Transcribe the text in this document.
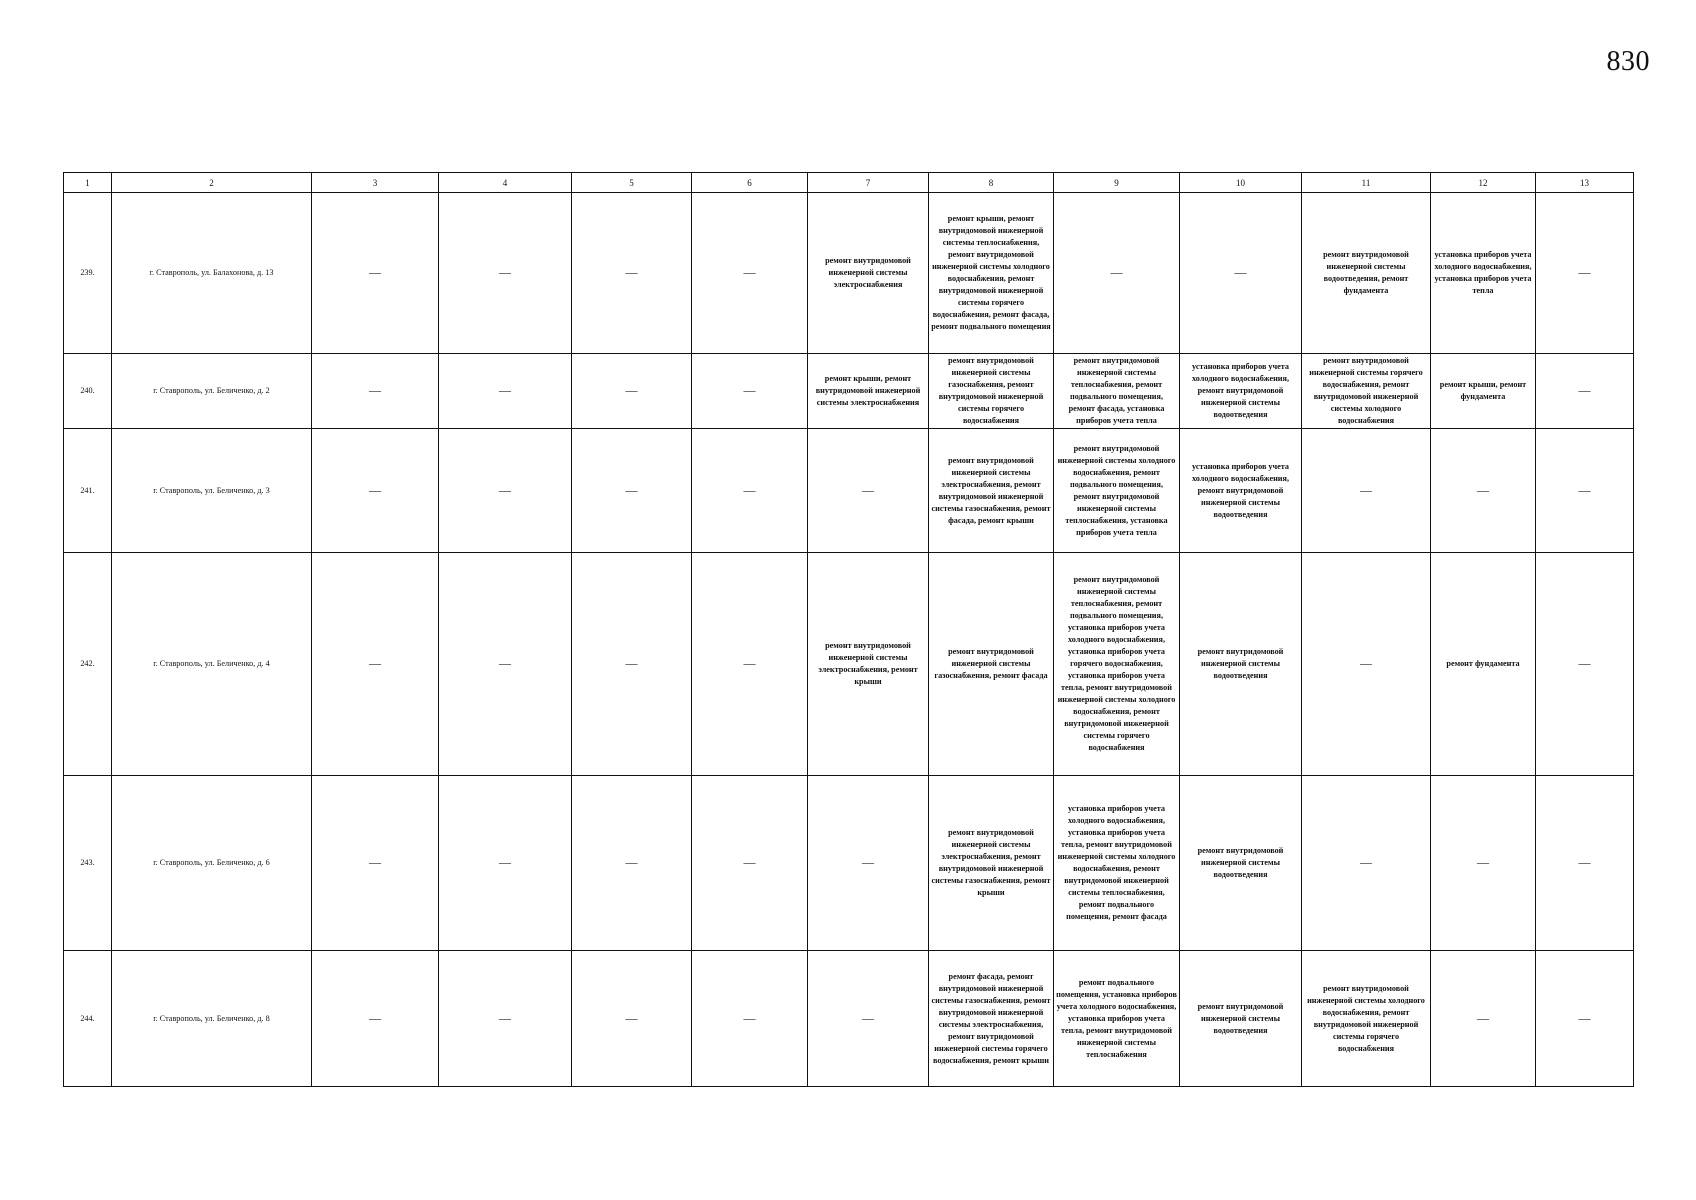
830
1	2	3	4	5	6	7	8	9	10	11	12	13
239.	г. Ставрополь, ул. Балахонова, д. 13	—	—	—	—	ремонт внутридомовой инженерной системы электроснабжения	ремонт крыши, ремонт внутридомовой инженерной системы теплоснабжения, ремонт внутридомовой инженерной системы холодного водоснабжения, ремонт внутридомовой инженерной системы горячего водоснабжения, ремонт фасада, ремонт подвального помещения	—	—	ремонт внутридомовой инженерной системы водоотведения, ремонт фундамента	установка приборов учета холодного водоснабжения, установка приборов учета тепла	—
240.	г. Ставрополь, ул. Беличенко, д. 2	—	—	—	—	ремонт крыши, ремонт внутридомовой инженерной системы электроснабжения	ремонт внутридомовой инженерной системы газоснабжения, ремонт внутридомовой инженерной системы горячего водоснабжения	ремонт внутридомовой инженерной системы теплоснабжения, ремонт подвального помещения, ремонт фасада, установка приборов учета тепла	установка приборов учета холодного водоснабжения, ремонт внутридомовой инженерной системы водоотведения	ремонт внутридомовой инженерной системы горячего водоснабжения, ремонт внутридомовой инженерной системы холодного водоснабжения	ремонт крыши, ремонт фундамента	—
241.	г. Ставрополь, ул. Беличенко, д. 3	—	—	—	—	—	ремонт внутридомовой инженерной системы электроснабжения, ремонт внутридомовой инженерной системы газоснабжения, ремонт фасада, ремонт крыши	ремонт внутридомовой инженерной системы холодного водоснабжения, ремонт подвального помещения, ремонт внутридомовой инженерной системы теплоснабжения, установка приборов учета тепла	установка приборов учета холодного водоснабжения, ремонт внутридомовой инженерной системы водоотведения	—	—	—
242.	г. Ставрополь, ул. Беличенко, д. 4	—	—	—	—	ремонт внутридомовой инженерной системы электроснабжения, ремонт крыши	ремонт внутридомовой инженерной системы газоснабжения, ремонт фасада	ремонт внутридомовой инженерной системы теплоснабжения, ремонт подвального помещения, установка приборов учета холодного водоснабжения, установка приборов учета горячего водоснабжения, установка приборов учета тепла, ремонт внутридомовой инженерной системы холодного водоснабжения, ремонт внутридомовой инженерной системы горячего водоснабжения	ремонт внутридомовой инженерной системы водоотведения	—	ремонт фундамента	—
243.	г. Ставрополь, ул. Беличенко, д. 6	—	—	—	—	—	ремонт внутридомовой инженерной системы электроснабжения, ремонт внутридомовой инженерной системы газоснабжения, ремонт крыши	установка приборов учета холодного водоснабжения, установка приборов учета тепла, ремонт внутридомовой инженерной системы холодного водоснабжения, ремонт внутридомовой инженерной системы теплоснабжения, ремонт подвального помещения, ремонт фасада	ремонт внутридомовой инженерной системы водоотведения	—	—	—
244.	г. Ставрополь, ул. Беличенко, д. 8	—	—	—	—	—	ремонт фасада, ремонт внутридомовой инженерной системы газоснабжения, ремонт внутридомовой инженерной системы электроснабжения, ремонт внутридомовой инженерной системы горячего водоснабжения, ремонт крыши	ремонт подвального помещения, установка приборов учета холодного водоснабжения, установка приборов учета тепла, ремонт внутридомовой инженерной системы теплоснабжения	ремонт внутридомовой инженерной системы водоотведения	ремонт внутридомовой инженерной системы холодного водоснабжения, ремонт внутридомовой инженерной системы горячего водоснабжения	—	—
